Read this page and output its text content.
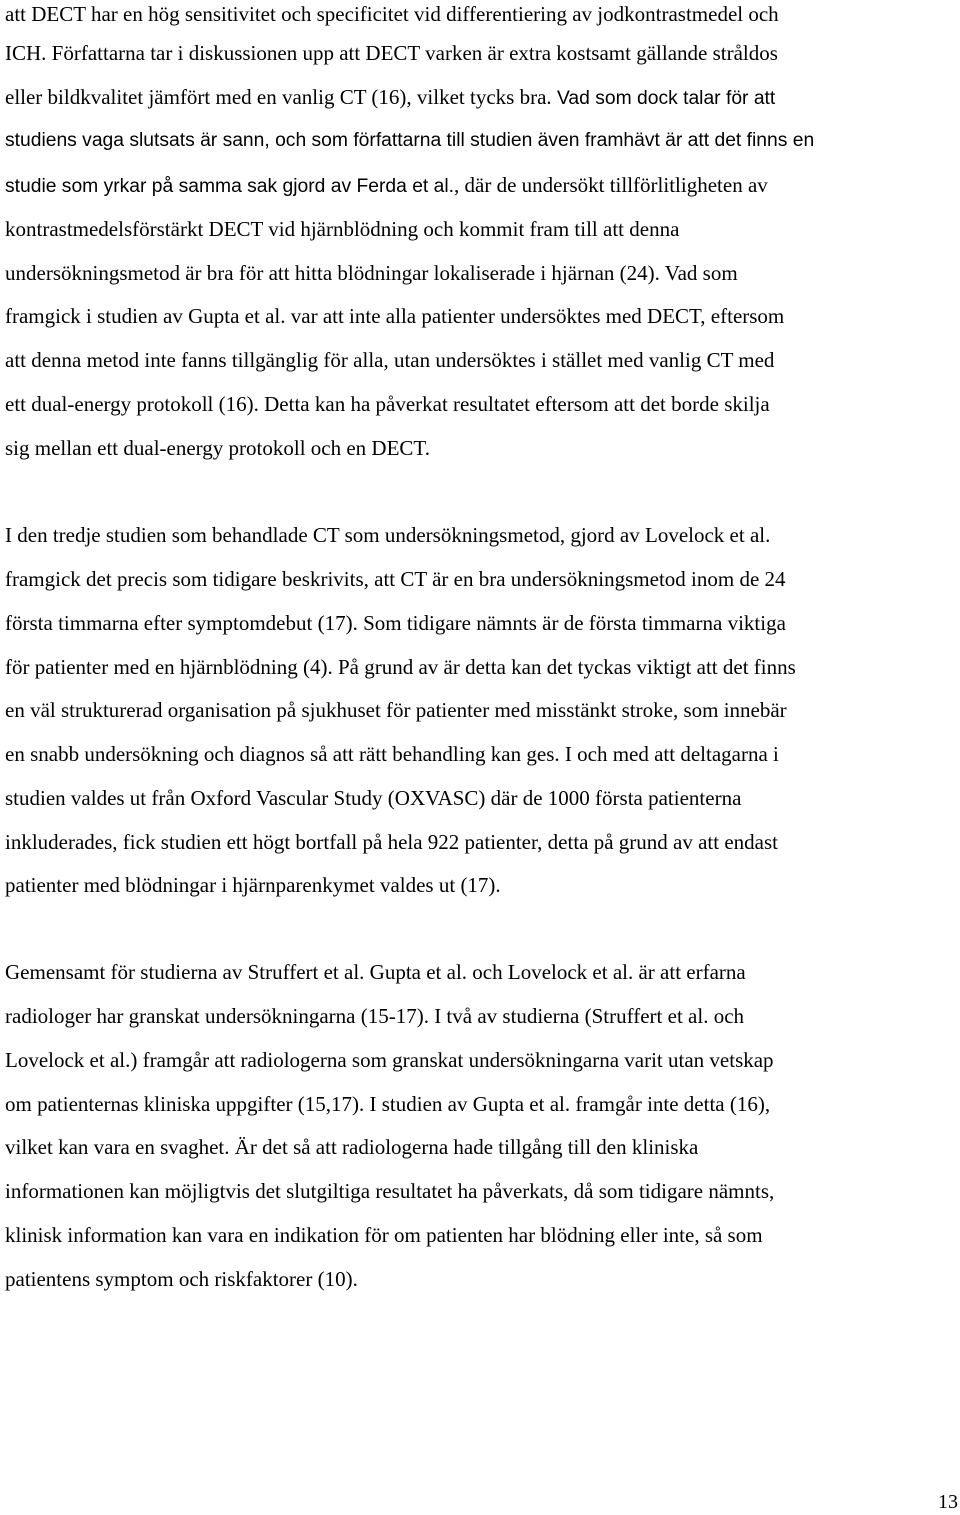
att DECT har en hög sensitivitet och specificitet vid differentiering av jodkontrastmedel och
ICH. Författarna tar i diskussionen upp att DECT varken är extra kostsamt gällande stråldos
eller bildkvalitet jämfört med en vanlig CT (16), vilket tycks bra. Vad som dock talar för att
studiens vaga slutsats är sann, och som författarna till studien även framhävt är att det finns en
studie som yrkar på samma sak gjord av Ferda et al., där de undersökt tillförlitligheten av
kontrastmedelsförstärkt DECT vid hjärnblödning och kommit fram till att denna
undersökningsmetod är bra för att hitta blödningar lokaliserade i hjärnan (24). Vad som
framgick i studien av Gupta et al. var att inte alla patienter undersöktes med DECT, eftersom
att denna metod inte fanns tillgänglig för alla, utan undersöktes i stället med vanlig CT med
ett dual-energy protokoll (16). Detta kan ha påverkat resultatet eftersom att det borde skilja
sig mellan ett dual-energy protokoll och en DECT.
I den tredje studien som behandlade CT som undersökningsmetod, gjord av Lovelock et al.
framgick det precis som tidigare beskrivits, att CT är en bra undersökningsmetod inom de 24
första timmarna efter symptomdebut (17). Som tidigare nämnts är de första timmarna viktiga
för patienter med en hjärnblödning (4). På grund av är detta kan det tyckas viktigt att det finns
en väl strukturerad organisation på sjukhuset för patienter med misstänkt stroke, som innebär
en snabb undersökning och diagnos så att rätt behandling kan ges. I och med att deltagarna i
studien valdes ut från Oxford Vascular Study (OXVASC) där de 1000 första patienterna
inkluderades, fick studien ett högt bortfall på hela 922 patienter, detta på grund av att endast
patienter med blödningar i hjärnparenkymet valdes ut (17).
Gemensamt för studierna av Struffert et al. Gupta et al. och Lovelock et al. är att erfarna
radiologer har granskat undersökningarna (15-17). I två av studierna (Struffert et al. och
Lovelock et al.) framgår att radiologerna som granskat undersökningarna varit utan vetskap
om patienternas kliniska uppgifter (15,17). I studien av Gupta et al. framgår inte detta (16),
vilket kan vara en svaghet. Är det så att radiologerna hade tillgång till den kliniska
informationen kan möjligtvis det slutgiltiga resultatet ha påverkats, då som tidigare nämnts,
klinisk information kan vara en indikation för om patienten har blödning eller inte, så som
patientens symptom och riskfaktorer (10).
13
